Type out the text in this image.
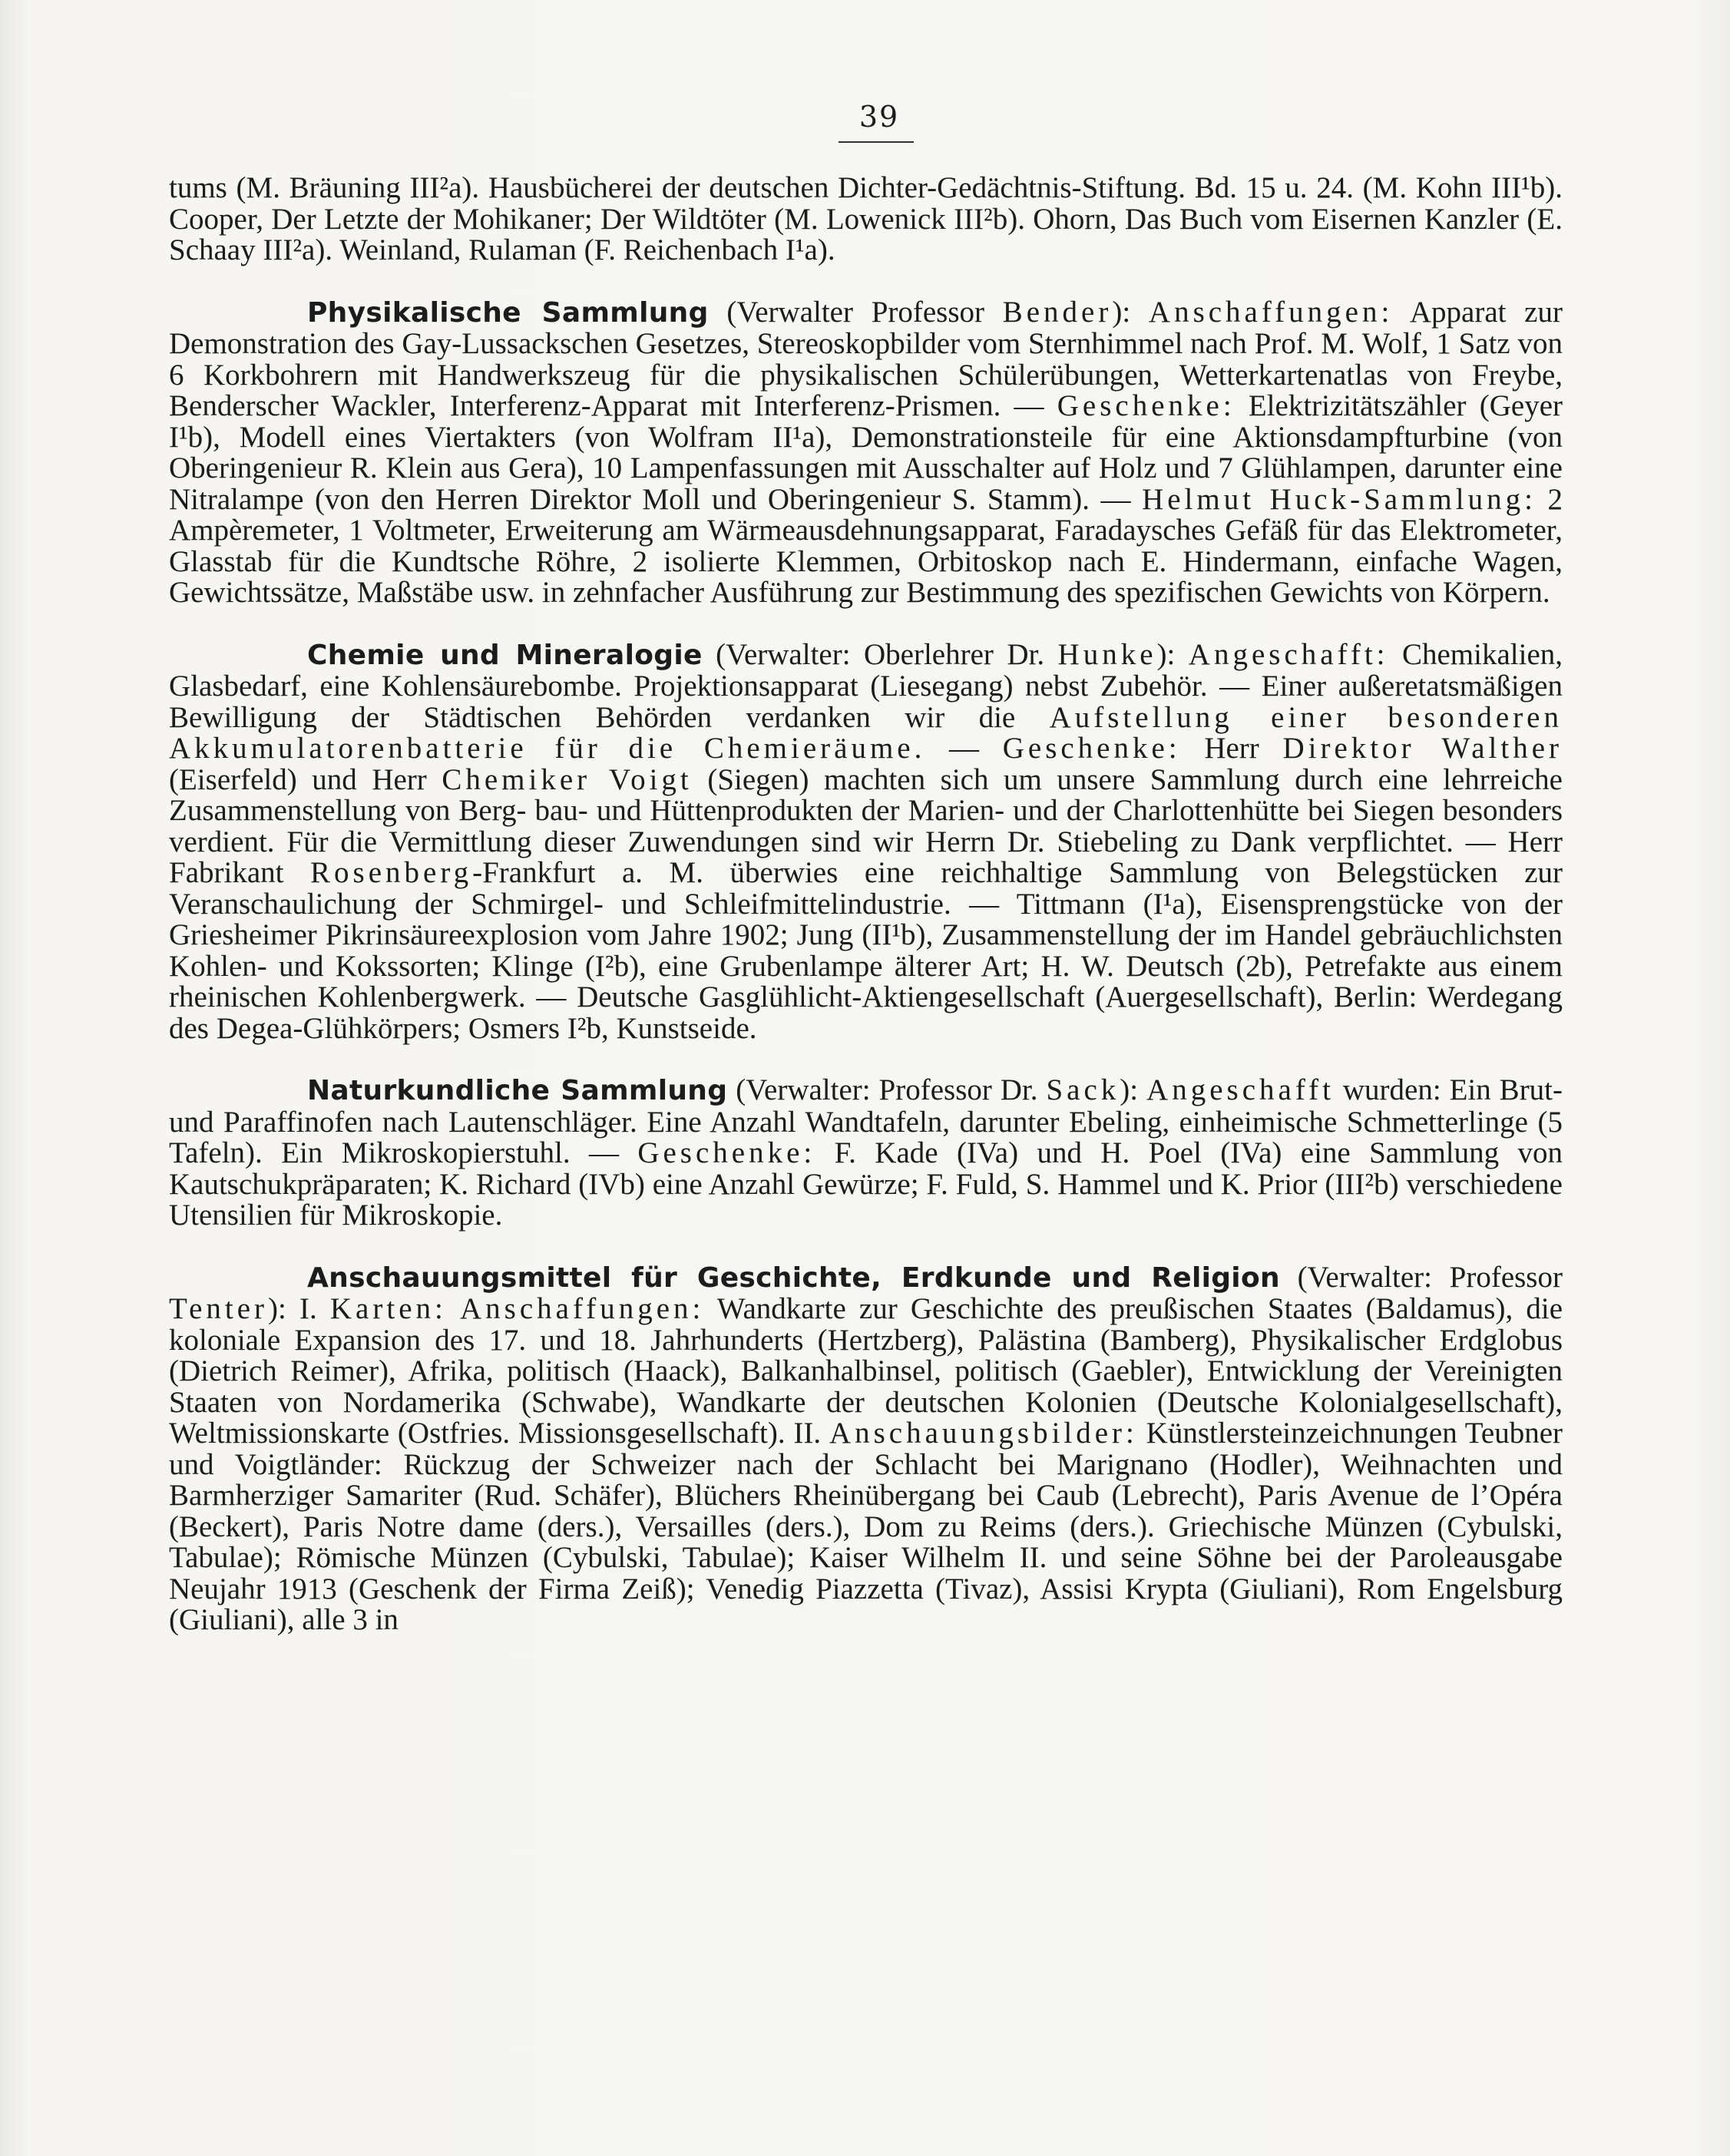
39

tums (M. Bräuning III²a). Hausbücherei der deutschen Dichter-Gedächtnis-Stiftung. Bd. 15 u. 24. (M. Kohn III¹b). Cooper, Der Letzte der Mohikaner; Der Wildtöter (M. Lowenick III²b). Ohorn, Das Buch vom Eisernen Kanzler (E. Schaay III²a). Weinland, Rulaman (F. Reichenbach I¹a).

Physikalische Sammlung (Verwalter Professor Bender): Anschaffungen: Apparat zur Demonstration des Gay-Lussackschen Gesetzes, Stereoskopbilder vom Sternhimmel nach Prof. M. Wolf, 1 Satz von 6 Korkbohrern mit Handwerkszeug für die physikalischen Schülerübungen, Wetterkartenatlas von Freybe, Benderscher Wackler, Interferenz-Apparat mit Interferenz-Prismen. — Geschenke: Elektrizitätszähler (Geyer I¹b), Modell eines Viertakters (von Wolfram II¹a), Demonstrationsteile für eine Aktionsdampfturbine (von Oberingenieur R. Klein aus Gera), 10 Lampenfassungen mit Ausschalter auf Holz und 7 Glühlampen, darunter eine Nitralampe (von den Herren Direktor Moll und Oberingenieur S. Stamm). — Helmut Huck-Sammlung: 2 Ampèremeter, 1 Voltmeter, Erweiterung am Wärmeausdehnungsapparat, Faradaysches Gefäß für das Elektrometer, Glasstab für die Kundtsche Röhre, 2 isolierte Klemmen, Orbitoskop nach E. Hindermann, einfache Wagen, Gewichtssätze, Maßstäbe usw. in zehnfacher Ausführung zur Bestimmung des spezifischen Gewichts von Körpern.

Chemie und Mineralogie (Verwalter: Oberlehrer Dr. Hunke): Angeschafft: Chemikalien, Glasbedarf, eine Kohlensäurebombe. Projektionsapparat (Liesegang) nebst Zubehör. — Einer außeretatsmäßigen Bewilligung der Städtischen Behörden verdanken wir die Aufstellung einer besonderen Akkumulatorenbatterie für die Chemieräume. — Geschenke: Herr Direktor Walther (Eiserfeld) und Herr Chemiker Voigt (Siegen) machten sich um unsere Sammlung durch eine lehrreiche Zusammenstellung von Berg- bau- und Hüttenprodukten der Marien- und der Charlottenhütte bei Siegen besonders verdient. Für die Vermittlung dieser Zuwendungen sind wir Herrn Dr. Stiebeling zu Dank verpflichtet. — Herr Fabrikant Rosenberg-Frankfurt a. M. überwies eine reichhaltige Sammlung von Belegstücken zur Veranschaulichung der Schmirgel- und Schleifmittelindustrie. — Tittmann (I¹a), Eisensprengstücke von der Griesheimer Pikrinsäureexplosion vom Jahre 1902; Jung (II¹b), Zusammenstellung der im Handel gebräuchlichsten Kohlen- und Kokssorten; Klinge (I²b), eine Grubenlampe älterer Art; H. W. Deutsch (2b), Petrefakte aus einem rheinischen Kohlenbergwerk. — Deutsche Gasglühlicht-Aktiengesellschaft (Auergesellschaft), Berlin: Werdegang des Degea-Glühkörpers; Osmers I²b, Kunstseide.

Naturkundliche Sammlung (Verwalter: Professor Dr. Sack): Angeschafft wurden: Ein Brut- und Paraffinofen nach Lautenschläger. Eine Anzahl Wandtafeln, darunter Ebeling, einheimische Schmetterlinge (5 Tafeln). Ein Mikroskopierstuhl. — Geschenke: F. Kade (IVa) und H. Poel (IVa) eine Sammlung von Kautschukpräparaten; K. Richard (IVb) eine Anzahl Gewürze; F. Fuld, S. Hammel und K. Prior (III²b) verschiedene Utensilien für Mikroskopie.

Anschauungsmittel für Geschichte, Erdkunde und Religion (Verwalter: Professor Tenter): I. Karten: Anschaffungen: Wandkarte zur Geschichte des preußischen Staates (Baldamus), die koloniale Expansion des 17. und 18. Jahrhunderts (Hertzberg), Palästina (Bamberg), Physikalischer Erdglobus (Dietrich Reimer), Afrika, politisch (Haack), Balkanhalbinsel, politisch (Gaebler), Entwicklung der Vereinigten Staaten von Nordamerika (Schwabe), Wandkarte der deutschen Kolonien (Deutsche Kolonialgesellschaft), Weltmissionskarte (Ostfries. Missionsgesellschaft). II. Anschauungsbilder: Künstlersteinzeichnungen Teubner und Voigtländer: Rückzug der Schweizer nach der Schlacht bei Marignano (Hodler), Weihnachten und Barmherziger Samariter (Rud. Schäfer), Blüchers Rheinübergang bei Caub (Lebrecht), Paris Avenue de l’Opéra (Beckert), Paris Notre dame (ders.), Versailles (ders.), Dom zu Reims (ders.). Griechische Münzen (Cybulski, Tabulae); Römische Münzen (Cybulski, Tabulae); Kaiser Wilhelm II. und seine Söhne bei der Paroleausgabe Neujahr 1913 (Geschenk der Firma Zeiß); Venedig Piazzetta (Tivaz), Assisi Krypta (Giuliani), Rom Engelsburg (Giuliani), alle 3 in
